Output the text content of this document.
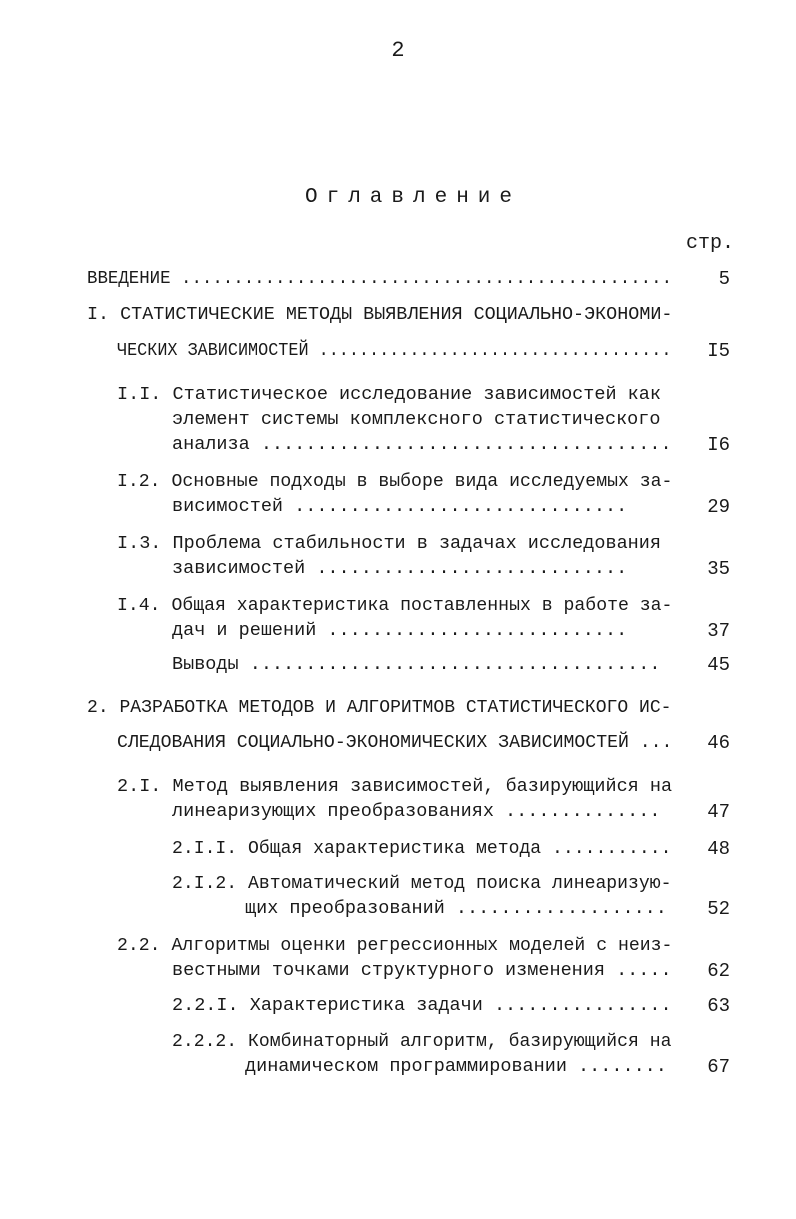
2
Оглавление
стр.
ВВЕДЕНИЕ ...............................................	5
I. СТАТИСТИЧЕСКИЕ МЕТОДЫ ВЫЯВЛЕНИЯ СОЦИАЛЬНО-ЭКОНОМИ-
ЧЕСКИХ ЗАВИСИМОСТЕЙ ...................................	I5
I.I. Статистическое исследование зависимостей как
элемент системы комплексного статистического
анализа .....................................	I6
I.2. Основные подходы в выборе вида исследуемых за-
висимостей ..............................	29
I.3. Проблема стабильности в задачах исследования
зависимостей ............................	35
I.4. Общая характеристика поставленных в работе за-
дач и решений ...........................	37
Выводы .....................................	45
2. РАЗРАБОТКА МЕТОДОВ И АЛГОРИТМОВ СТАТИСТИЧЕСКОГО ИС-
СЛЕДОВАНИЯ СОЦИАЛЬНО-ЭКОНОМИЧЕСКИХ ЗАВИСИМОСТЕЙ ...	46
2.I. Метод выявления зависимостей, базирующийся на
линеаризующих преобразованиях ..............	47
2.I.I. Общая характеристика метода ...........	48
2.I.2. Автоматический метод поиска линеаризую-
щих преобразований ...................	52
2.2. Алгоритмы оценки регрессионных моделей с неиз-
вестными точками структурного изменения .....	62
2.2.I. Характеристика задачи ................	63
2.2.2. Комбинаторный алгоритм, базирующийся на
динамическом программировании ........	67
